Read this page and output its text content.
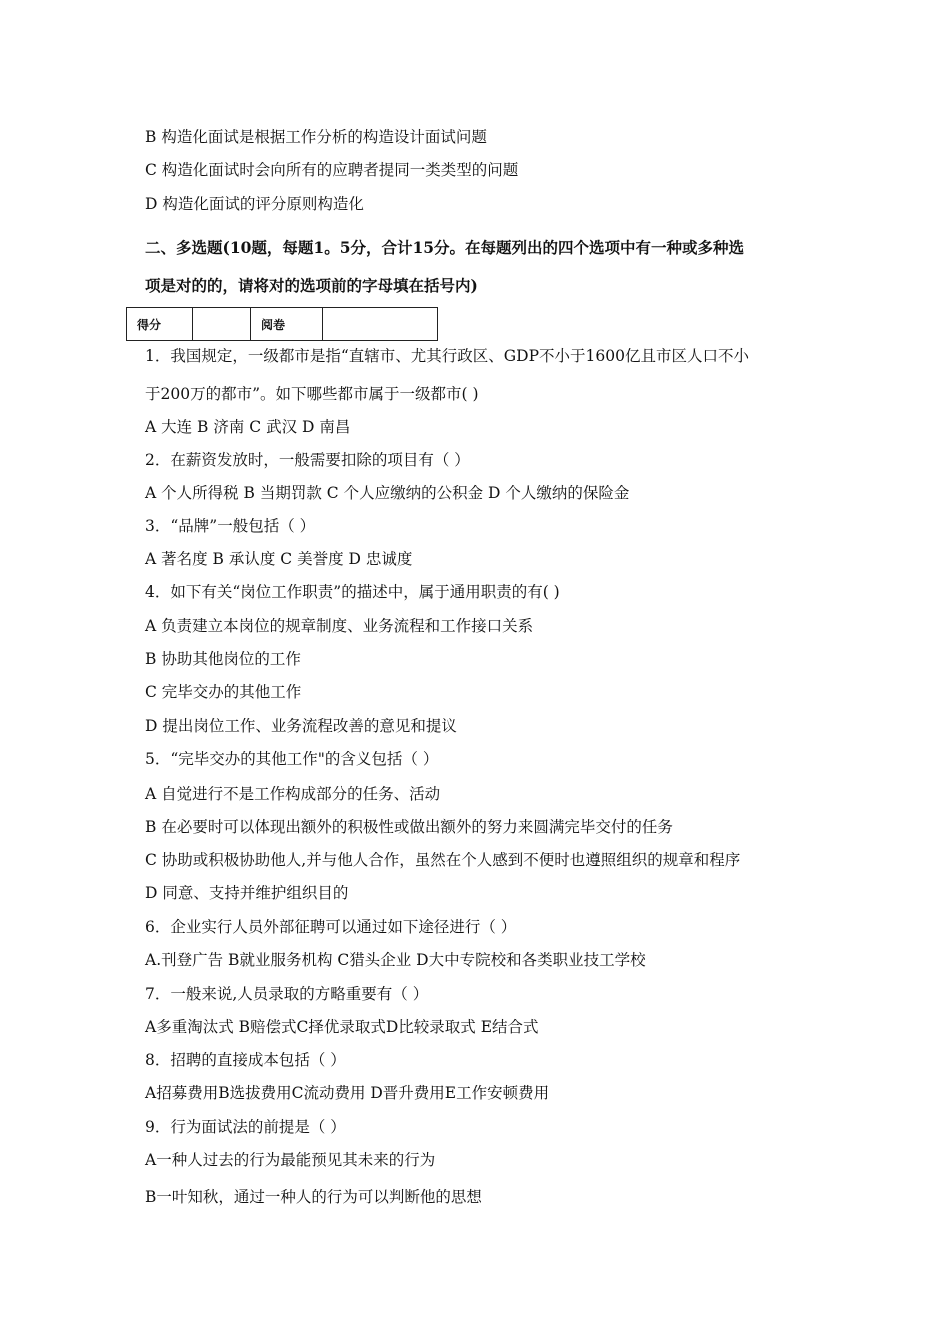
B 构造化面试是根据工作分析的构造设计面试问题
C 构造化面试时会向所有的应聘者提同一类类型的问题
D 构造化面试的评分原则构造化
二、多选题(10题，每题1。5分，合计15分。在每题列出的四个选项中有一种或多种选
项是对的的，请将对的选项前的字母填在括号内)
得分		阅卷	
1．我国规定，一级都市是指“直辖市、尤其行政区、GDP不小于1600亿且市区人口不小
于200万的都市”。如下哪些都市属于一级都市( )
A 大连 B 济南 C 武汉 D 南昌
2．在薪资发放时，一般需要扣除的项目有（ ）
A 个人所得税 B 当期罚款 C 个人应缴纳的公积金 D 个人缴纳的保险金
3．“品牌”一般包括（ ）
A 著名度 B 承认度 C 美誉度 D 忠诚度
4．如下有关“岗位工作职责”的描述中，属于通用职责的有( )
A 负责建立本岗位的规章制度、业务流程和工作接口关系
B 协助其他岗位的工作
C 完毕交办的其他工作
D 提出岗位工作、业务流程改善的意见和提议
5．“完毕交办的其他工作"的含义包括（ ）
A 自觉进行不是工作构成部分的任务、活动
B 在必要时可以体现出额外的积极性或做出额外的努力来圆满完毕交付的任务
C 协助或积极协助他人,并与他人合作，虽然在个人感到不便时也遵照组织的规章和程序
D 同意、支持并维护组织目的
6．企业实行人员外部征聘可以通过如下途径进行（ ）
A.刊登广告 B就业服务机构 C猎头企业 D大中专院校和各类职业技工学校
7．一般来说,人员录取的方略重要有（ ）
A多重淘汰式 B赔偿式C择优录取式D比较录取式 E结合式
8．招聘的直接成本包括（ ）
A招募费用B选拔费用C流动费用 D晋升费用E工作安顿费用
9．行为面试法的前提是（ ）
A一种人过去的行为最能预见其未来的行为
B一叶知秋，通过一种人的行为可以判断他的思想
